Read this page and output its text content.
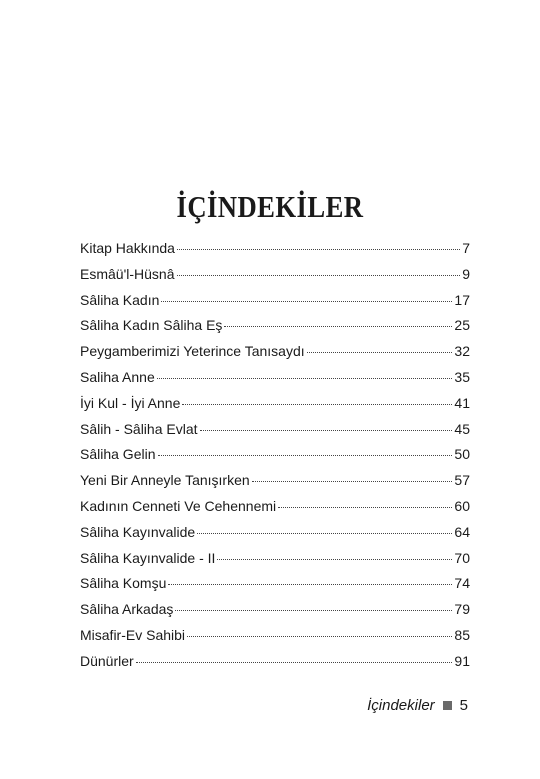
İÇİNDEKİLER
Kitap Hakkında	7
Esmâü'l-Hüsnâ	9
Sâliha Kadın	17
Sâliha Kadın Sâliha Eş	25
Peygamberimizi Yeterince Tanısaydı	32
Saliha Anne	35
İyi Kul - İyi Anne	41
Sâlih - Sâliha Evlat	45
Sâliha Gelin	50
Yeni Bir Anneyle Tanışırken	57
Kadının Cenneti Ve Cehennemi	60
Sâliha Kayınvalide	64
Sâliha Kayınvalide - II	70
Sâliha Komşu	74
Sâliha Arkadaş	79
Misafir-Ev Sahibi	85
Dünürler	91
İçindekiler 5
